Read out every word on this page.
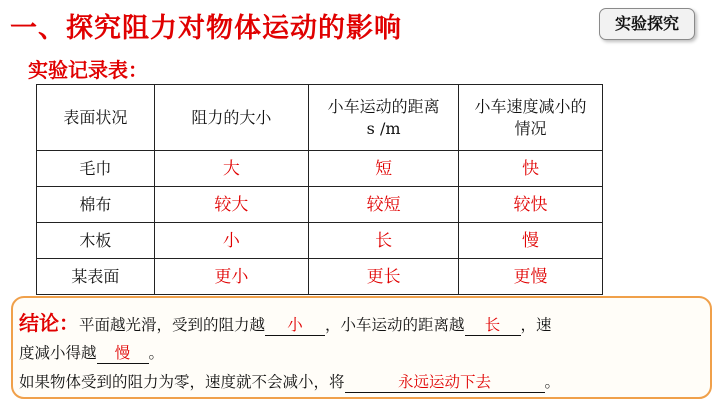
一、探究阻力对物体运动的影响	实验探究
实验记录表：
表面状况	阻力的大小	小车运动的距离s /m	小车速度减小的情况

毛巾	大	短	快
棉布	较大	较短	较快
木板	小	长	慢
某表面	更小	更长	更慢
结论：平面越光滑，受到的阻力越 小 ，小车运动的距离越 长 ，速
度减小得越 慢 。
如果物体受到的阻力为零，速度就不会减小，将	永远运动下去	。
